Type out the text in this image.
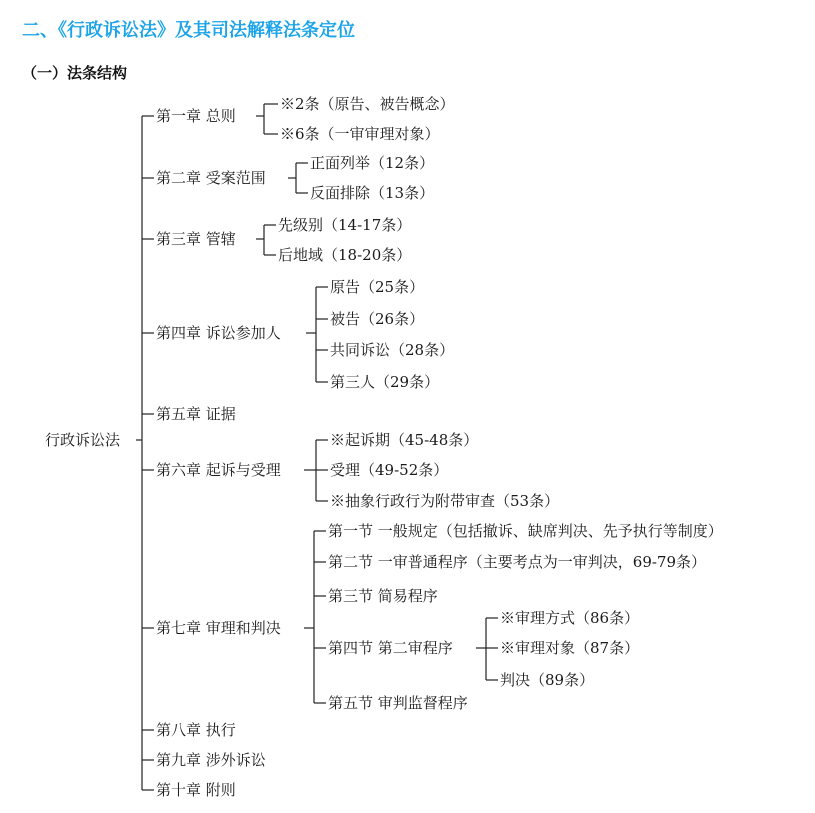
二、《行政诉讼法》及其司法解释法条定位
（一）法条结构
行政诉讼法
第一章 总则
※2条（原告、被告概念）
※6条（一审审理对象）
第二章 受案范围
正面列举（12条）
反面排除（13条）
第三章 管辖
先级别（14-17条）
后地域（18-20条）
第四章 诉讼参加人
原告（25条）
被告（26条）
共同诉讼（28条）
第三人（29条）
第五章 证据
第六章 起诉与受理
※起诉期（45-48条）
受理（49-52条）
※抽象行政行为附带审查（53条）
第七章 审理和判决
第一节 一般规定（包括撤诉、缺席判决、先予执行等制度）
第二节 一审普通程序（主要考点为一审判决，69-79条）
第三节 简易程序
第四节 第二审程序
※审理方式（86条）
※审理对象（87条）
判决（89条）
第五节 审判监督程序
第八章 执行
第九章 涉外诉讼
第十章 附则
